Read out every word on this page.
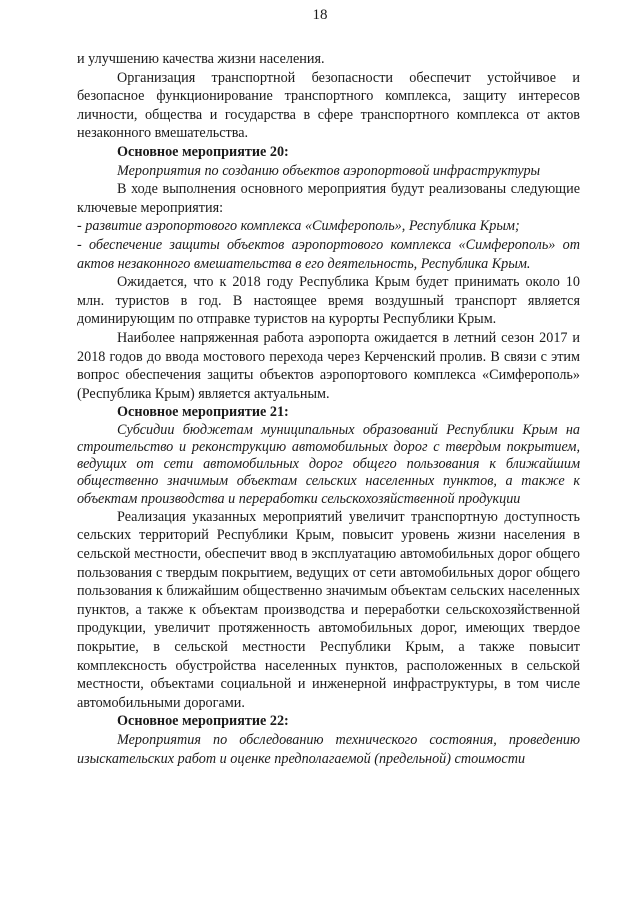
18

и улучшению качества жизни населения.

Организация транспортной безопасности обеспечит устойчивое и безопасное функционирование транспортного комплекса, защиту интересов личности, общества и государства в сфере транспортного комплекса от актов незаконного вмешательства.

Основное мероприятие 20:

Мероприятия по созданию объектов аэропортовой инфраструктуры

В ходе выполнения основного мероприятия будут реализованы следующие ключевые мероприятия:

- развитие аэропортового комплекса «Симферополь», Республика Крым;

- обеспечение защиты объектов аэропортового комплекса «Симферополь» от актов незаконного вмешательства в его деятельность, Республика Крым.

Ожидается, что к 2018 году Республика Крым будет принимать около 10 млн. туристов в год. В настоящее время воздушный транспорт является доминирующим по отправке туристов на курорты Республики Крым.

Наиболее напряженная работа аэропорта ожидается в летний сезон 2017 и 2018 годов до ввода мостового перехода через Керченский пролив. В связи с этим вопрос обеспечения защиты объектов аэропортового комплекса «Симферополь» (Республика Крым) является актуальным.

Основное мероприятие 21:

Субсидии бюджетам муниципальных образований Республики Крым на строительство и реконструкцию автомобильных дорог с твердым покрытием, ведущих от сети автомобильных дорог общего пользования к ближайшим общественно значимым объектам сельских населенных пунктов, а также к объектам производства и переработки сельскохозяйственной продукции

Реализация указанных мероприятий увеличит транспортную доступность сельских территорий Республики Крым, повысит уровень жизни населения в сельской местности, обеспечит ввод в эксплуатацию автомобильных дорог общего пользования с твердым покрытием, ведущих от сети автомобильных дорог общего пользования к ближайшим общественно значимым объектам сельских населенных пунктов, а также к объектам производства и переработки сельскохозяйственной продукции, увеличит протяженность автомобильных дорог, имеющих твердое покрытие, в сельской местности Республики Крым, а также повысит комплексность обустройства населенных пунктов, расположенных в сельской местности, объектами социальной и инженерной инфраструктуры, в том числе автомобильными дорогами.

Основное мероприятие 22:

Мероприятия по обследованию технического состояния, проведению изыскательских работ и оценке предполагаемой (предельной) стоимости
